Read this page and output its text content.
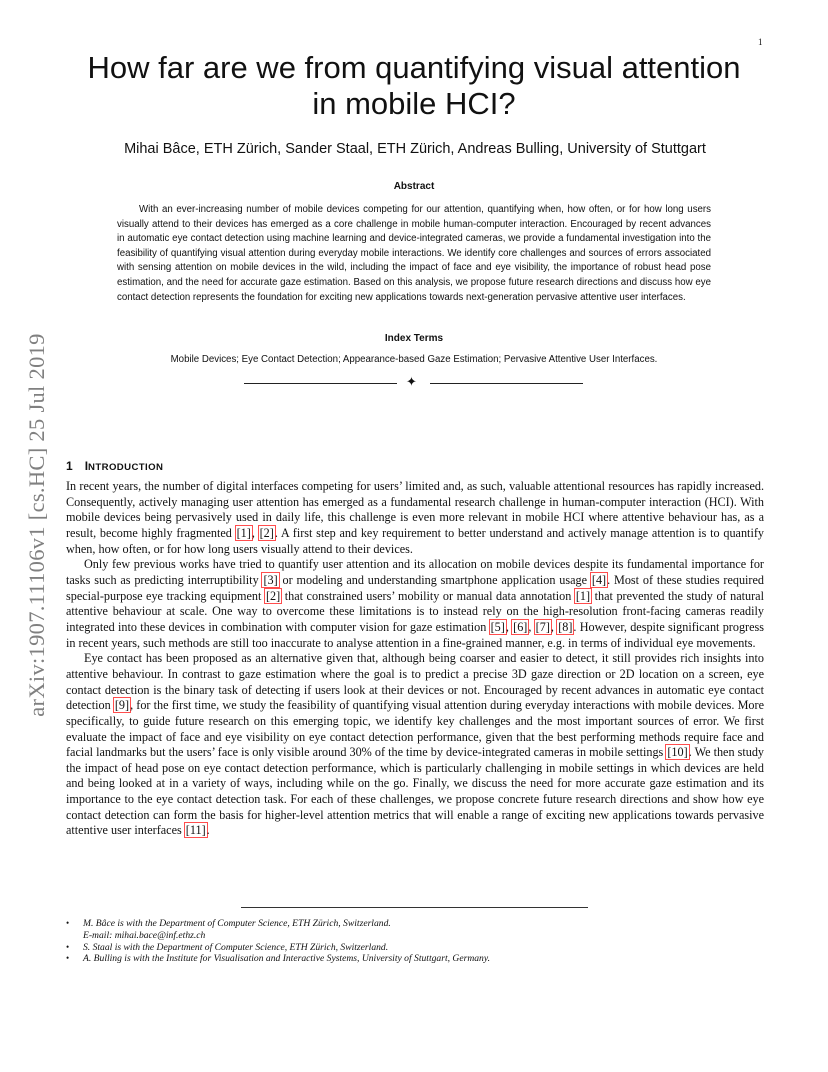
1
How far are we from quantifying visual attention
in mobile HCI?
Mihai Bâce, ETH Zürich, Sander Staal, ETH Zürich, Andreas Bulling, University of Stuttgart
arXiv:1907.11106v1 [cs.HC] 25 Jul 2019
Abstract

With an ever-increasing number of mobile devices competing for our attention, quantifying when, how often, or for how long users visually attend to their devices has emerged as a core challenge in mobile human-computer interaction. Encouraged by recent advances in automatic eye contact detection using machine learning and device-integrated cameras, we provide a fundamental investigation into the feasibility of quantifying visual attention during everyday mobile interactions. We identify core challenges and sources of errors associated with sensing attention on mobile devices in the wild, including the impact of face and eye visibility, the importance of robust head pose estimation, and the need for accurate gaze estimation. Based on this analysis, we propose future research directions and discuss how eye contact detection represents the foundation for exciting new applications towards next-generation pervasive attentive user interfaces.

Index Terms
Mobile Devices; Eye Contact Detection; Appearance-based Gaze Estimation; Pervasive Attentive User Interfaces.
✦
1 INTRODUCTION

In recent years, the number of digital interfaces competing for users’ limited and, as such, valuable attentional resources has rapidly increased. Consequently, actively managing user attention has emerged as a fundamental research challenge in human-computer interaction (HCI). With mobile devices being pervasively used in daily life, this challenge is even more relevant in mobile HCI where attentive behaviour has, as a result, become highly fragmented [1], [2]. A first step and key requirement to better understand and actively manage attention is to quantify when, how often, or for how long users visually attend to their devices.

Only few previous works have tried to quantify user attention and its allocation on mobile devices despite its fundamental importance for tasks such as predicting interruptibility [3] or modeling and understanding smartphone application usage [4]. Most of these studies required special-purpose eye tracking equipment [2] that constrained users’ mobility or manual data annotation [1] that prevented the study of natural attentive behaviour at scale. One way to overcome these limitations is to instead rely on the high-resolution front-facing cameras readily integrated into these devices in combination with computer vision for gaze estimation [5], [6], [7], [8]. However, despite significant progress in recent years, such methods are still too inaccurate to analyse attention in a fine-grained manner, e.g. in terms of individual eye movements.

Eye contact has been proposed as an alternative given that, although being coarser and easier to detect, it still provides rich insights into attentive behaviour. In contrast to gaze estimation where the goal is to predict a precise 3D gaze direction or 2D location on a screen, eye contact detection is the binary task of detecting if users look at their devices or not. Encouraged by recent advances in automatic eye contact detection [9], for the first time, we study the feasibility of quantifying visual attention during everyday interactions with mobile devices. More specifically, to guide future research on this emerging topic, we identify key challenges and the most important sources of error. We first evaluate the impact of face and eye visibility on eye contact detection performance, given that the best performing methods require face and facial landmarks but the users’ face is only visible around 30% of the time by device-integrated cameras in mobile settings [10]. We then study the impact of head pose on eye contact detection performance, which is particularly challenging in mobile settings in which devices are held and being looked at in a variety of ways, including while on the go. Finally, we discuss the need for more accurate gaze estimation and its importance to the eye contact detection task. For each of these challenges, we propose concrete future research directions and show how eye contact detection can form the basis for higher-level attention metrics that will enable a range of exciting new applications towards pervasive attentive user interfaces [11].

• M. Bâce is with the Department of Computer Science, ETH Zürich, Switzerland.
E-mail: mihai.bace@inf.ethz.ch
• S. Staal is with the Department of Computer Science, ETH Zürich, Switzerland.
• A. Bulling is with the Institute for Visualisation and Interactive Systems, University of Stuttgart, Germany.
